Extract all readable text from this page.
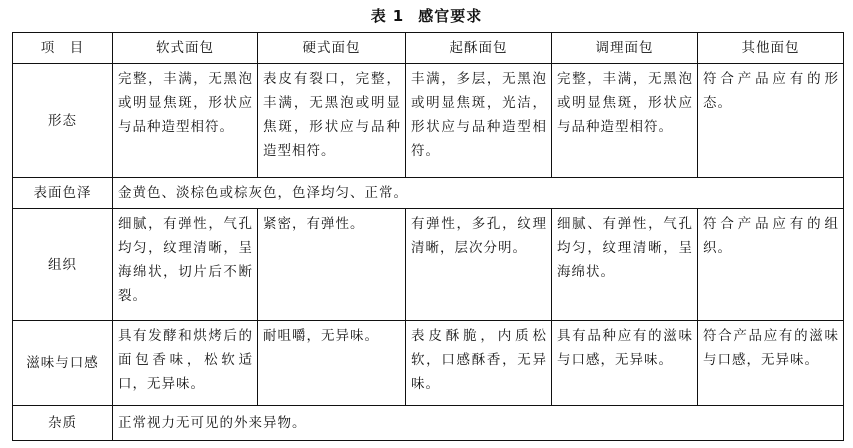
表 1 感官要求
项　目	软式面包	硬式面包	起酥面包	调理面包	其他面包
形态	完整，丰满，无黑泡或明显焦斑，形状应与品种造型相符。	表皮有裂口，完整，丰满，无黑泡或明显焦斑，形状应与品种造型相符。	丰满，多层，无黑泡或明显焦斑，光洁，形状应与品种造型相符。	完整，丰满，无黑泡或明显焦斑，形状应与品种造型相符。	符合产品应有的形态。
表面色泽	金黄色、淡棕色或棕灰色，色泽均匀、正常。				
组织	细腻，有弹性，气孔均匀，纹理清晰，呈海绵状，切片后不断裂。	紧密，有弹性。	有弹性，多孔，纹理清晰，层次分明。	细腻、有弹性，气孔均匀，纹理清晰，呈海绵状。	符合产品应有的组织。
滋味与口感	具有发酵和烘烤后的面包香味，松软适口，无异味。	耐咀嚼，无异味。	表皮酥脆，内质松软，口感酥香，无异味。	具有品种应有的滋味与口感，无异味。	符合产品应有的滋味与口感，无异味。
杂质	正常视力无可见的外来异物。				
